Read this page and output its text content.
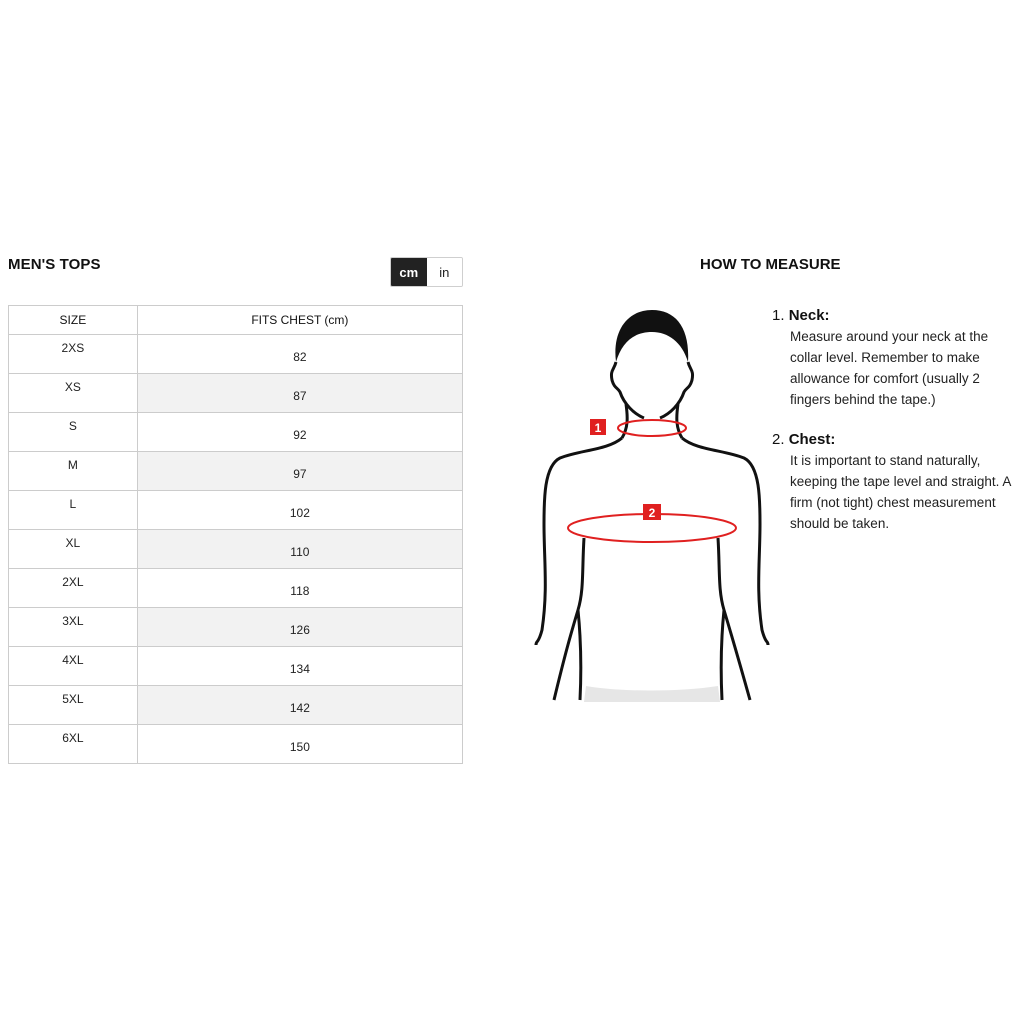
MEN'S TOPS	cm	in
SIZE	FITS CHEST (cm)
2XS	82
XS	87
S	92
M	97
L	102
XL	110
2XL	118
3XL	126
4XL	134
5XL	142
6XL	150
HOW TO MEASURE
1
2
1. Neck:
Measure around your neck at the collar level. Remember to make allowance for comfort (usually 2 fingers behind the tape.)
2. Chest:
It is important to stand naturally, keeping the tape level and straight. A firm (not tight) chest measurement should be taken.
